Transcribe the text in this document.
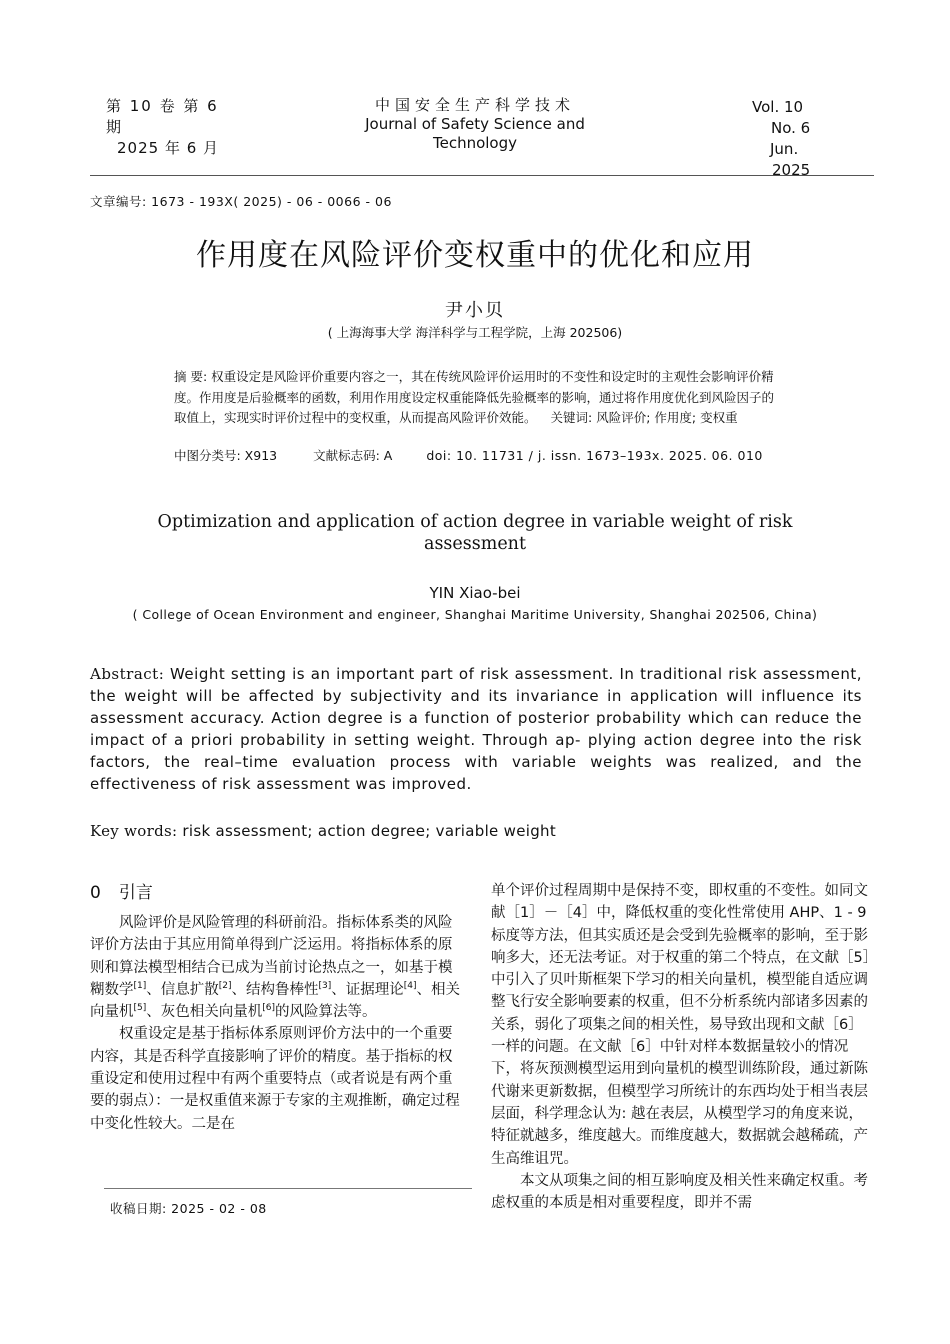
第 10 卷 第 6 期
2025 年 6 月
中国安全生产科学技术
Journal of Safety Science and Technology
Vol. 10
No. 6
Jun.
2025
文章编号: 1673 - 193X( 2025) - 06 - 0066 - 06
作用度在风险评价变权重中的优化和应用
尹小贝
( 上海海事大学 海洋科学与工程学院，上海 202506)

摘 要: 权重设定是风险评价重要内容之一，其在传统风险评价运用时的不变性和设定时的主观性会影响评价精度。作用度是后验概率的函数，利用作用度设定权重能降低先验概率的影响，通过将作用度优化到风险因子的取值上，实现实时评价过程中的变权重，从而提高风险评价效能。 关键词: 风险评价; 作用度; 变权重

中图分类号: X913	文献标志码: A	doi: 10. 11731 / j. issn. 1673–193x. 2025. 06. 010
Optimization and application of action degree in variable weight of risk assessment
YIN Xiao-bei
( College of Ocean Environment and engineer, Shanghai Maritime University, Shanghai 202506, China)
Abstract: Weight setting is an important part of risk assessment. In traditional risk assessment, the weight will be affected by subjectivity and its invariance in application will influence its assessment accuracy. Action degree is a function of posterior probability which can reduce the impact of a priori probability in setting weight. Through ap- plying action degree into the risk factors, the real–time evaluation process with variable weights was realized, and the effectiveness of risk assessment was improved.
Key words: risk assessment; action degree; variable weight
0 引言

风险评价是风险管理的科研前沿。指标体系类的风险评价方法由于其应用简单得到广泛运用。将指标体系的原则和算法模型相结合已成为当前讨论热点之一，如基于模糊数学[1]、信息扩散[2]、结构鲁棒性[3]、证据理论[4]、相关向量机[5]、灰色相关向量机[6]的风险算法等。

权重设定是基于指标体系原则评价方法中的一个重要内容，其是否科学直接影响了评价的精度。基于指标的权重设定和使用过程中有两个重要特点（或者说是有两个重要的弱点）：一是权重值来源于专家的主观推断，确定过程中变化性较大。二是在

单个评价过程周期中是保持不变，即权重的不变性。如同文献［1］－［4］中，降低权重的变化性常使用 AHP、1 - 9 标度等方法，但其实质还是会受到先验概率的影响，至于影响多大，还无法考证。对于权重的第二个特点，在文献［5］中引入了贝叶斯框架下学习的相关向量机，模型能自适应调整飞行安全影响要素的权重，但不分析系统内部诸多因素的关系，弱化了项集之间的相关性，易导致出现和文献［6］一样的问题。在文献［6］中针对样本数据量较小的情况下，将灰预测模型运用到向量机的模型训练阶段，通过新陈代谢来更新数据，但模型学习所统计的东西均处于相当表层层面，科学理念认为: 越在表层，从模型学习的角度来说，特征就越多，维度越大。而维度越大，数据就会越稀疏，产生高维诅咒。

本文从项集之间的相互影响度及相关性来确定权重。考虑权重的本质是相对重要程度，即并不需

收稿日期: 2025 - 02 - 08
